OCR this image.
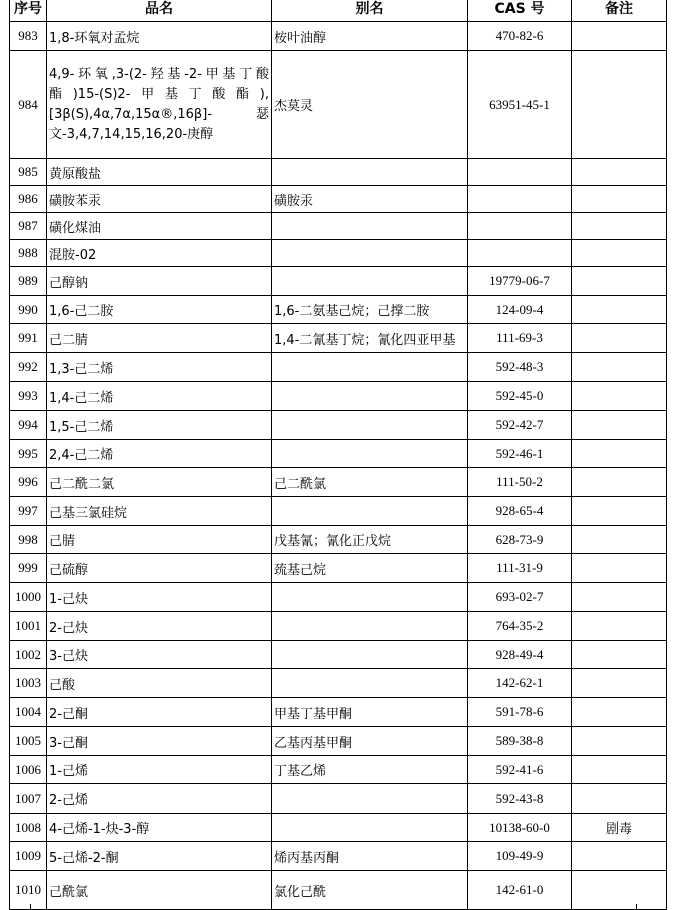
序号	品名	别名	CAS 号	备注
983	1,8-环氧对孟烷	桉叶油醇	470-82-6	
984	4,9-环氧,3-(2-羟基-2-甲基丁酸酯)15-(S)2-甲基丁酸酯),[3β(S),4α,7α,15α®,16β]-瑟文-3,4,7,14,15,16,20-庚醇	杰莫灵	63951-45-1	
985	黄原酸盐			
986	磺胺苯汞	磺胺汞		
987	磺化煤油			
988	混胺-02			
989	己醇钠		19779-06-7	
990	1,6-己二胺	1,6-二氨基己烷；己撑二胺	124-09-4	
991	己二腈	1,4-二氰基丁烷；氰化四亚甲基	111-69-3	
992	1,3-己二烯		592-48-3	
993	1,4-己二烯		592-45-0	
994	1,5-己二烯		592-42-7	
995	2,4-己二烯		592-46-1	
996	己二酰二氯	己二酰氯	111-50-2	
997	己基三氯硅烷		928-65-4	
998	己腈	戊基氰；氰化正戊烷	628-73-9	
999	己硫醇	巯基己烷	111-31-9	
1000	1-己炔		693-02-7	
1001	2-己炔		764-35-2	
1002	3-己炔		928-49-4	
1003	己酸		142-62-1	
1004	2-己酮	甲基丁基甲酮	591-78-6	
1005	3-己酮	乙基丙基甲酮	589-38-8	
1006	1-己烯	丁基乙烯	592-41-6	
1007	2-己烯		592-43-8	
1008	4-己烯-1-炔-3-醇		10138-60-0	剧毒
1009	5-己烯-2-酮	烯丙基丙酮	109-49-9	
1010	己酰氯	氯化己酰	142-61-0	
